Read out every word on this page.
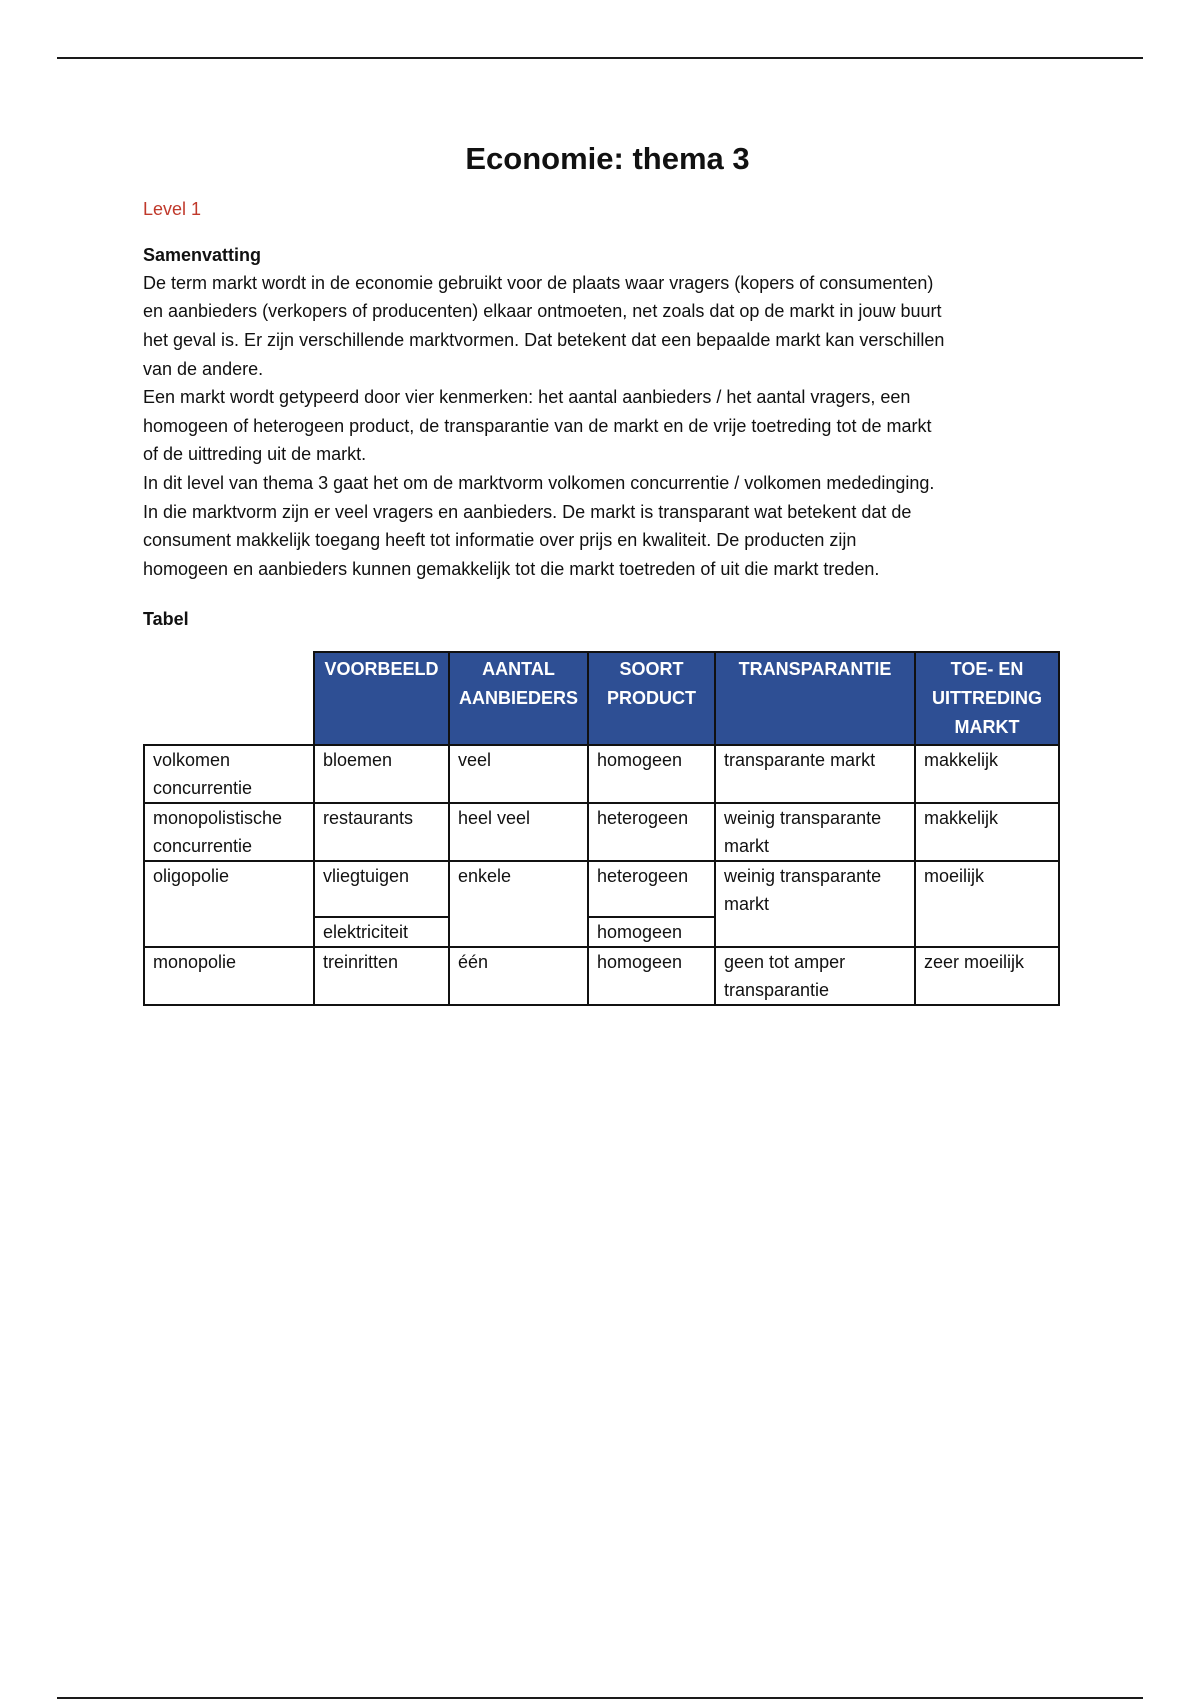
Economie: thema 3

Level 1

Samenvatting

De term markt wordt in de economie gebruikt voor de plaats waar vragers (kopers of consumenten)

en aanbieders (verkopers of producenten) elkaar ontmoeten, net zoals dat op de markt in jouw buurt

het geval is. Er zijn verschillende marktvormen. Dat betekent dat een bepaalde markt kan verschillen

van de andere.

Een markt wordt getypeerd door vier kenmerken: het aantal aanbieders / het aantal vragers, een

homogeen of heterogeen product, de transparantie van de markt en de vrije toetreding tot de markt

of de uittreding uit de markt.

In dit level van thema 3 gaat het om de marktvorm volkomen concurrentie / volkomen mededinging.

In die marktvorm zijn er veel vragers en aanbieders. De markt is transparant wat betekent dat de

consument makkelijk toegang heeft tot informatie over prijs en kwaliteit. De producten zijn

homogeen en aanbieders kunnen gemakkelijk tot die markt toetreden of uit die markt treden.

Tabel

	VOORBEELD	AANTAL AANBIEDERS	SOORT PRODUCT	TRANSPARANTIE	TOE- EN UITTREDING MARKT
volkomen concurrentie	bloemen	veel	homogeen	transparante markt	makkelijk
monopolistische concurrentie	restaurants	heel veel	heterogeen	weinig transparante markt	makkelijk
oligopolie	vliegtuigen	enkele	heterogeen	weinig transparante markt	moeilijk
	elektriciteit		homogeen		
monopolie	treinritten	één	homogeen	geen tot amper transparantie	zeer moeilijk
